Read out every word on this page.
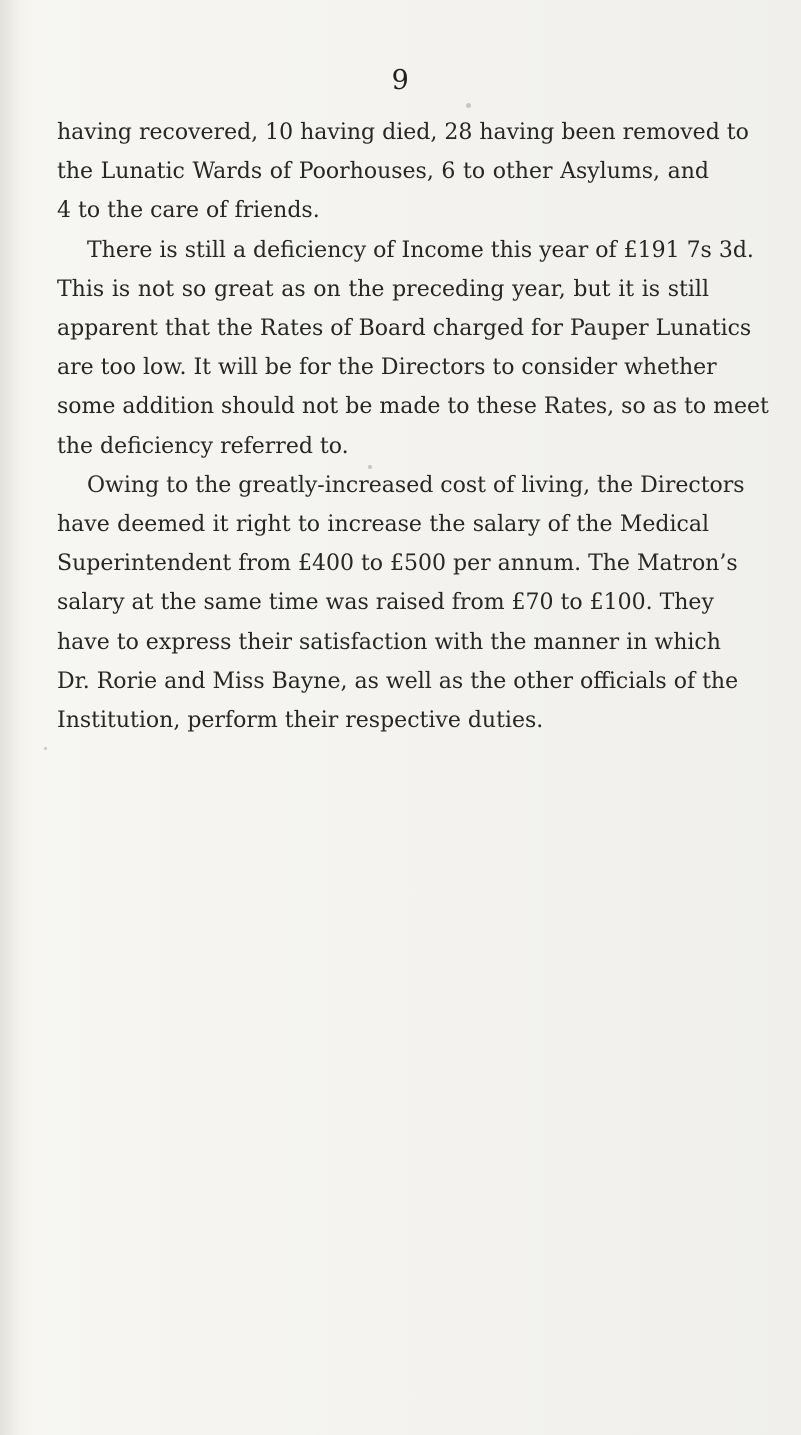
9
having recovered, 10 having died, 28 having been removed to
the Lunatic Wards of Poorhouses, 6 to other Asylums, and
4 to the care of friends.
There is still a deficiency of Income this year of £191 7s 3d.
This is not so great as on the preceding year, but it is still
apparent that the Rates of Board charged for Pauper Lunatics
are too low. It will be for the Directors to consider whether
some addition should not be made to these Rates, so as to meet
the deficiency referred to.
Owing to the greatly-increased cost of living, the Directors
have deemed it right to increase the salary of the Medical
Superintendent from £400 to £500 per annum. The Matron’s
salary at the same time was raised from £70 to £100. They
have to express their satisfaction with the manner in which
Dr. Rorie and Miss Bayne, as well as the other officials of the
Institution, perform their respective duties.
